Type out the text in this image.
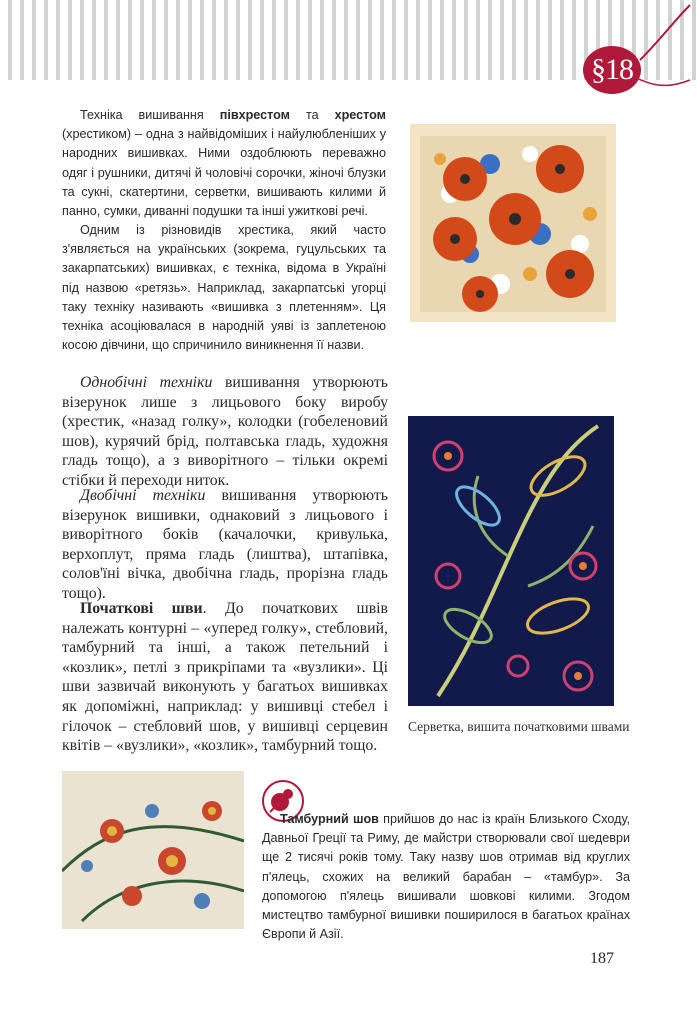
§18

Техніка вишивання півхрестом та хрестом (хрестиком) – одна з найвідоміших і найулюбленіших у народних вишивках. Ними оздоблюють переважно одяг і рушники, дитячі й чоловічі сорочки, жіночі блузки та сукні, скатертини, серветки, вишивають килими й панно, сумки, диванні подушки та інші ужиткові речі.

Одним із різновидів хрестика, який часто з'являється на українських (зокрема, гуцульських та закарпатських) вишивках, є техніка, відома в Україні під назвою «ретязь». Наприклад, закарпатські угорці таку техніку називають «вишивка з плетенням». Ця техніка асоціювалася в народній уяві із заплетеною косою дівчини, що спричинило виникнення її назви.

Однобічні техніки вишивання утворюють візерунок лише з лицьового боку виробу (хрестик, «назад голку», колодки (гобеленовий шов), курячий брід, полтавська гладь, художня гладь тощо), а з виворітного – тільки окремі стібки й переходи ниток.

Двобічні техніки вишивання утворюють візерунок вишивки, однаковий з лицьового і виворітного боків (качалочки, кривулька, верхоплут, пряма гладь (лиштва), штапівка, солов'їні вічка, двобічна гладь, прорізна гладь тощо).

Початкові шви. До початкових швів належать контурні – «уперед голку», стебловий, тамбурний та інші, а також петельний і «козлик», петлі з прикріпами та «вузлики». Ці шви зазвичай виконують у багатьох вишивках як допоміжні, наприклад: у вишивці стебел і гілочок – стебловий шов, у вишивці серцевин квітів – «вузлики», «козлик», тамбурний тощо.

Серветка, вишита початковими швами

Тамбурний шов прийшов до нас із країн Близького Сходу, Давньої Греції та Риму, де майстри створювали свої шедеври ще 2 тисячі років тому. Таку назву шов отримав від круглих п'ялець, схожих на великий барабан – «тамбур». За допомогою п'ялець вишивали шовкові килими. Згодом мистецтво тамбурної вишивки поширилося в багатьох країнах Європи й Азії.

187
